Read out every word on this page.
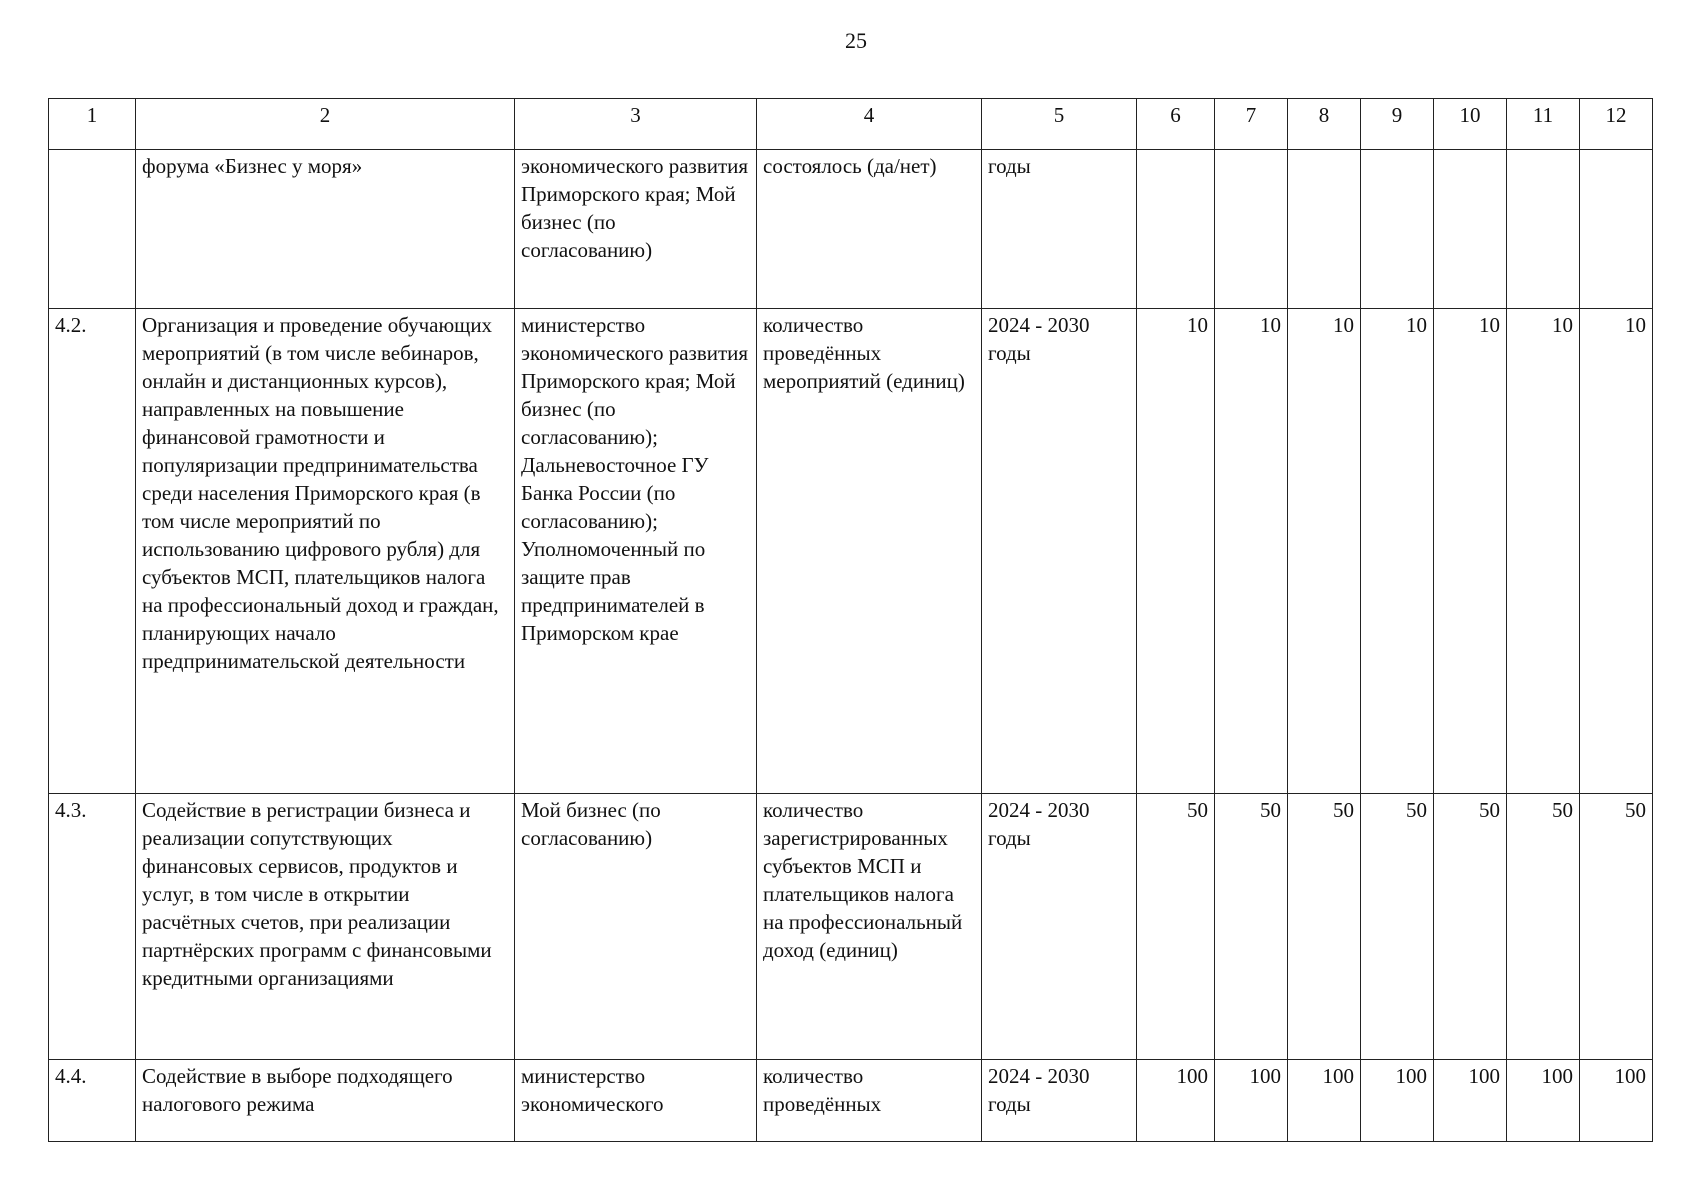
25
1	2	3	4	5	6	7	8	9	10	11	12
	форума «Бизнес у моря»	экономического развития Приморского края; Мой бизнес (по согласованию)	состоялось (да/нет)	годы							
4.2.	Организация и проведение обучающих мероприятий (в том числе вебинаров, онлайн и дистанционных курсов), направленных на повышение финансовой грамотности и популяризации предпринимательства среди населения Приморского края (в том числе мероприятий по использованию цифрового рубля) для субъектов МСП, плательщиков налога на профессиональный доход и граждан, планирующих начало предпринимательской деятельности	министерство экономического развития Приморского края; Мой бизнес (по согласованию); Дальневосточное ГУ Банка России (по согласованию); Уполномоченный по защите прав предпринимателей в Приморском крае	количество проведённых мероприятий (единиц)	2024 - 2030 годы	10	10	10	10	10	10	10
4.3.	Содействие в регистрации бизнеса и реализации сопутствующих финансовых сервисов, продуктов и услуг, в том числе в открытии расчётных счетов, при реализации партнёрских программ с финансовыми кредитными организациями	Мой бизнес (по согласованию)	количество зарегистрированных субъектов МСП и плательщиков налога на профессиональный доход (единиц)	2024 - 2030 годы	50	50	50	50	50	50	50
4.4.	Содействие в выборе подходящего налогового режима	министерство экономического	количество проведённых	2024 - 2030 годы	100	100	100	100	100	100	100
